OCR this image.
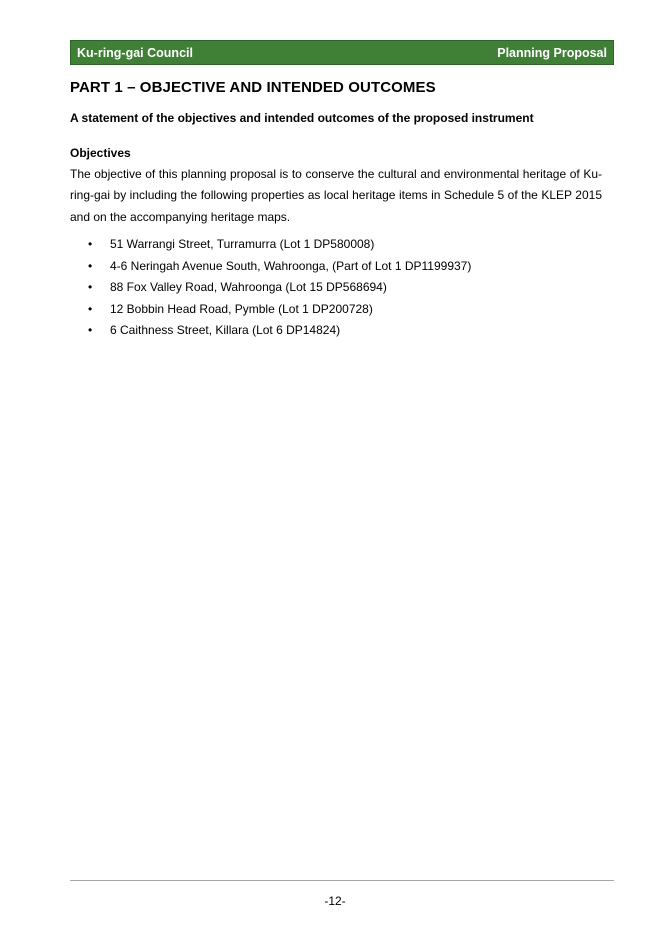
Ku-ring-gai Council	Planning Proposal
PART 1 – OBJECTIVE AND INTENDED OUTCOMES

A statement of the objectives and intended outcomes of the proposed instrument

Objectives

The objective of this planning proposal is to conserve the cultural and environmental heritage of Ku-ring-gai by including the following properties as local heritage items in Schedule 5 of the KLEP 2015 and on the accompanying heritage maps.

• 51 Warrangi Street, Turramurra (Lot 1 DP580008)
• 4-6 Neringah Avenue South, Wahroonga, (Part of Lot 1 DP1199937)
• 88 Fox Valley Road, Wahroonga (Lot 15 DP568694)
• 12 Bobbin Head Road, Pymble (Lot 1 DP200728)
• 6 Caithness Street, Killara (Lot 6 DP14824)
-12-
